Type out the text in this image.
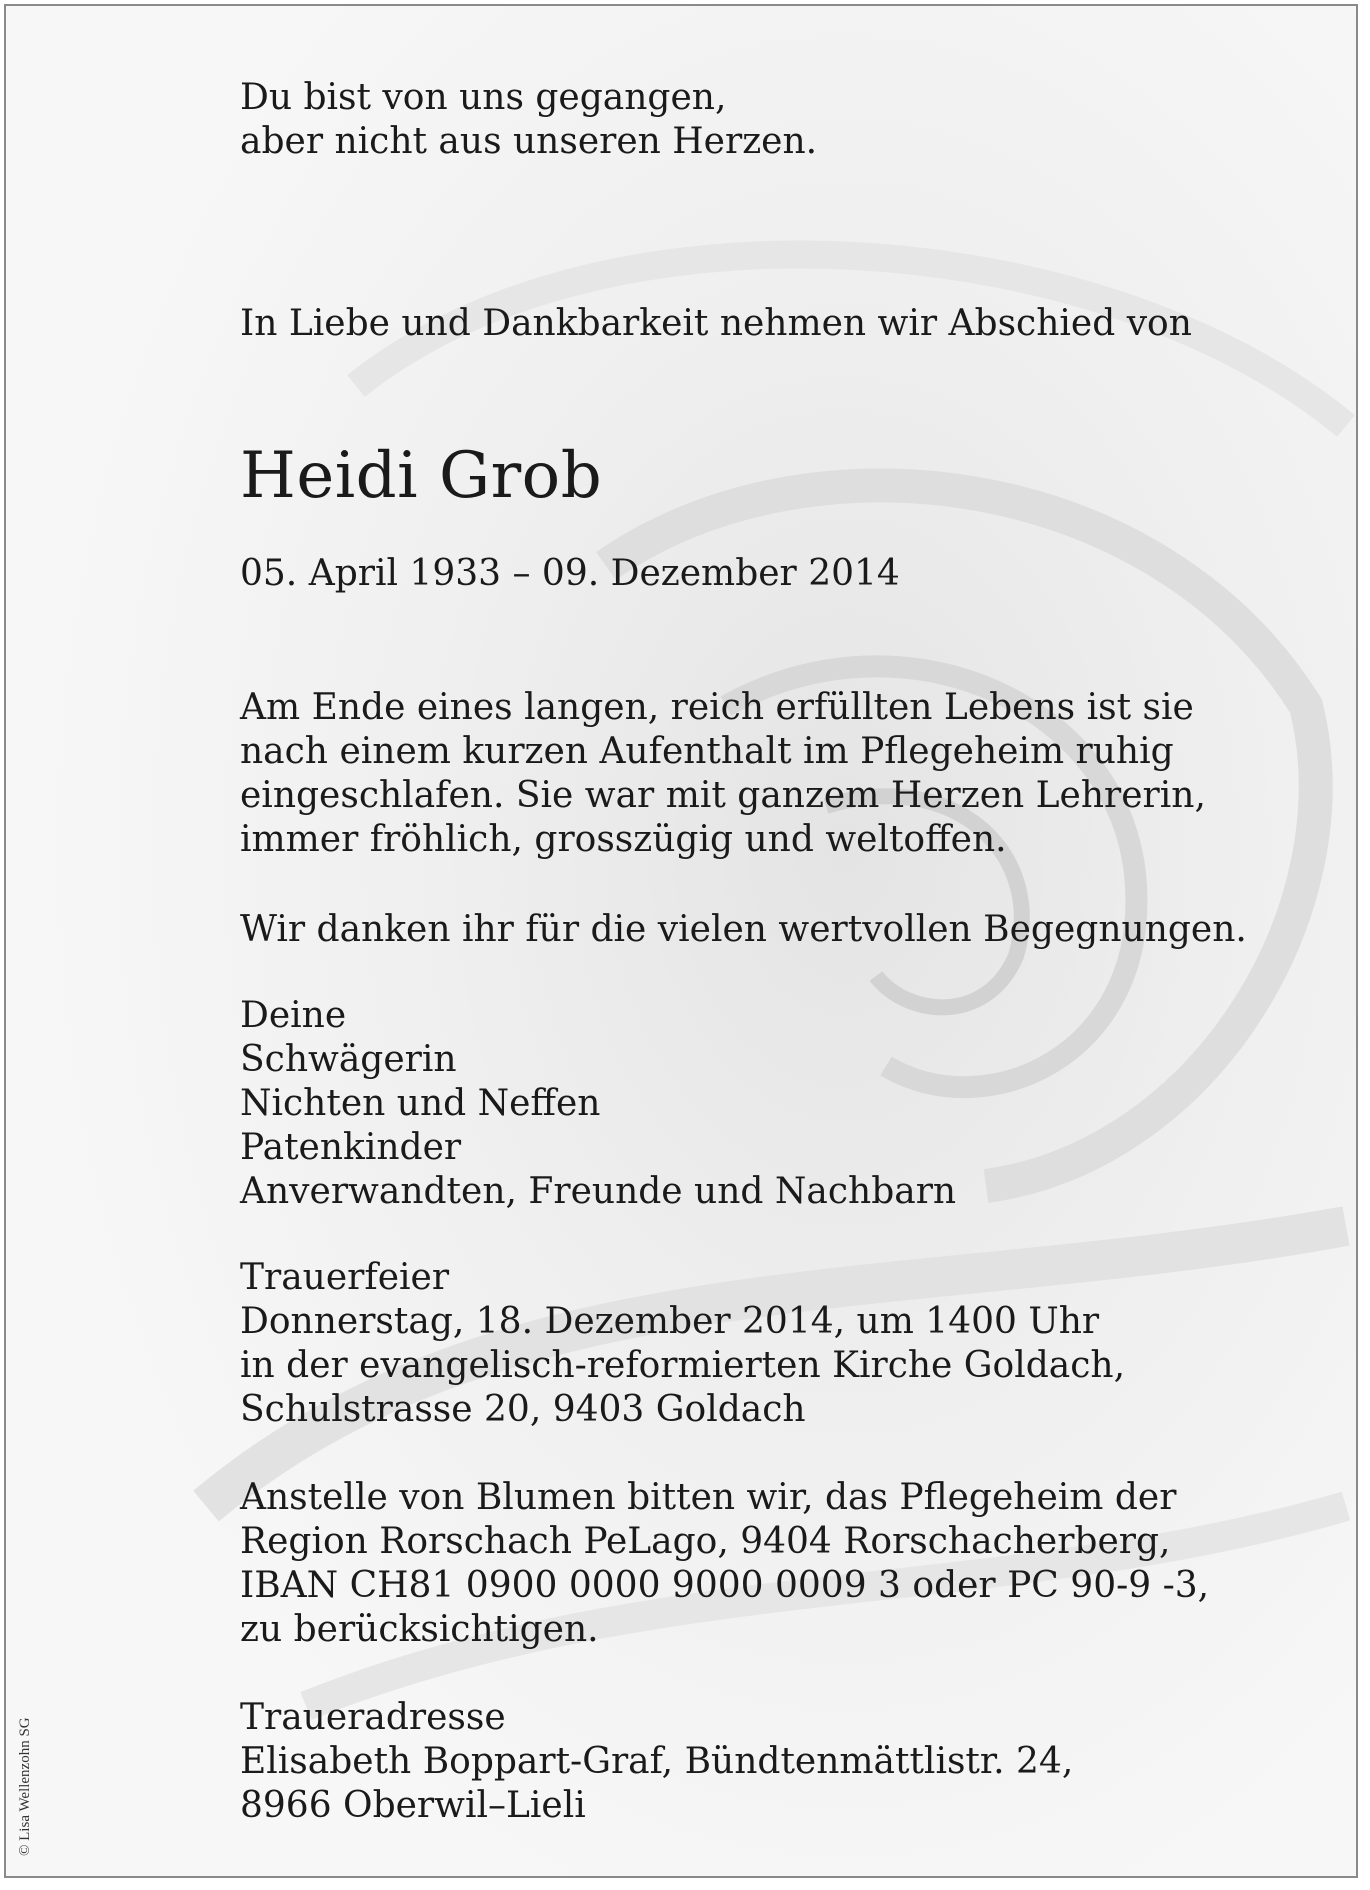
Du bist von uns gegangen,
aber nicht aus unseren Herzen.
In Liebe und Dankbarkeit nehmen wir Abschied von
Heidi Grob
05. April 1933 – 09. Dezember 2014
Am Ende eines langen, reich erfüllten Lebens ist sie
nach einem kurzen Aufenthalt im Pflegeheim ruhig
eingeschlafen. Sie war mit ganzem Herzen Lehrerin,
immer fröhlich, grosszügig und weltoffen.
Wir danken ihr für die vielen wertvollen Begegnungen.
Deine
Schwägerin
Nichten und Neffen
Patenkinder
Anverwandten, Freunde und Nachbarn
Trauerfeier
Donnerstag, 18. Dezember 2014, um 1400 Uhr
in der evangelisch-reformierten Kirche Goldach,
Schulstrasse 20, 9403 Goldach
Anstelle von Blumen bitten wir, das Pflegeheim der
Region Rorschach PeLago, 9404 Rorschacherberg,
IBAN CH81 0900 0000 9000 0009 3 oder PC 90-9 -3,
zu berücksichtigen.
Traueradresse
Elisabeth Boppart-Graf, Bündtenmättlistr. 24,
8966 Oberwil–Lieli
© Lisa Wellenzohn SG
